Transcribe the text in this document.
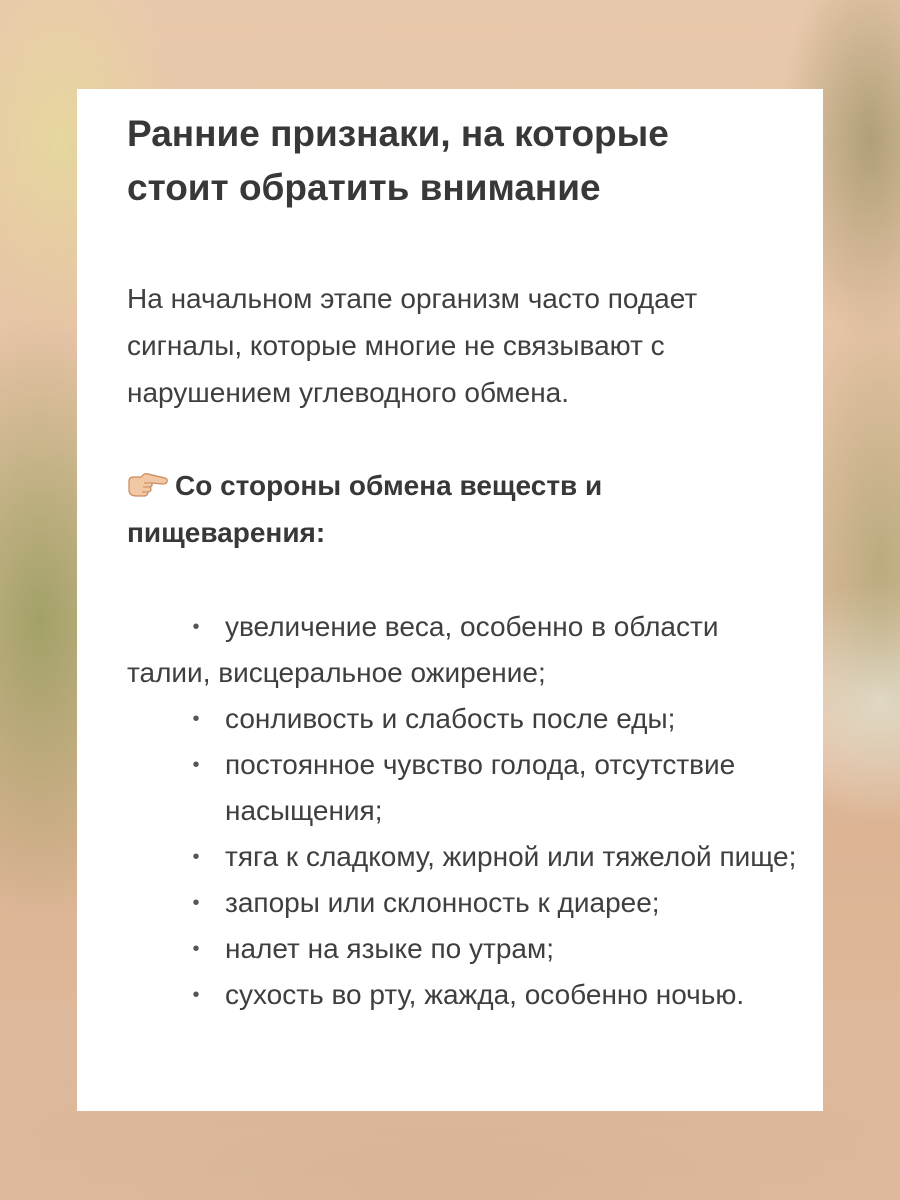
Ранние признаки, на которые стоит обратить внимание

На начальном этапе организм часто подает сигналы, которые многие не связывают с нарушением углеводного обмена.

Со стороны обмена веществ и пищеварения:

• увеличение веса, особенно в области талии, висцеральное ожирение;
• сонливость и слабость после еды;
• постоянное чувство голода, отсутствие насыщения;
• тяга к сладкому, жирной или тяжелой пище;
• запоры или склонность к диарее;
• налет на языке по утрам;
• сухость во рту, жажда, особенно ночью.
